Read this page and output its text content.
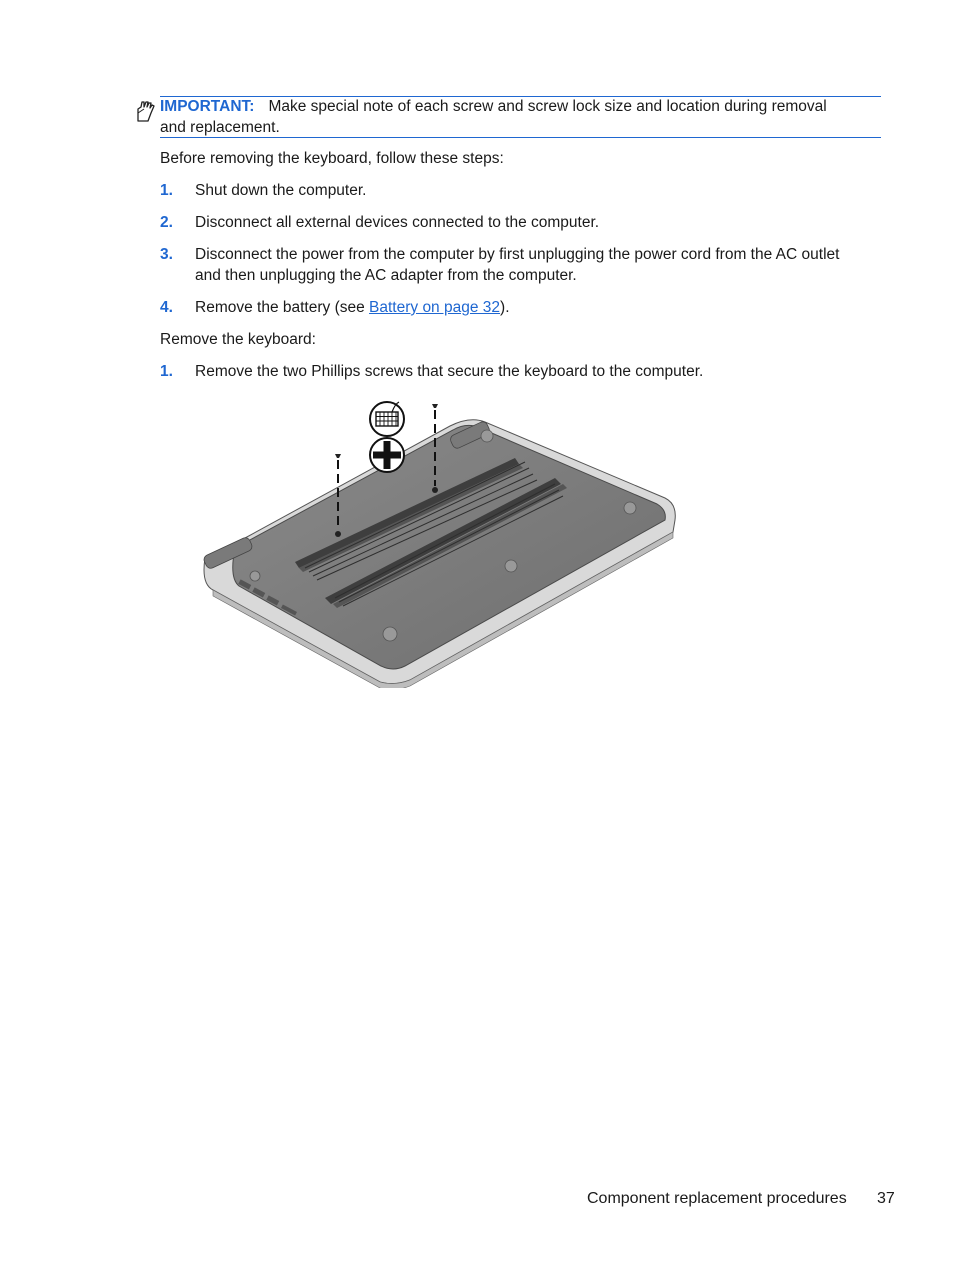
IMPORTANT: Make special note of each screw and screw lock size and location during removal
and replacement.
Before removing the keyboard, follow these steps:
1. Shut down the computer.
2. Disconnect all external devices connected to the computer.
3. Disconnect the power from the computer by first unplugging the power cord from the AC outlet
and then unplugging the AC adapter from the computer.
4. Remove the battery (see Battery on page 32).
Remove the keyboard:
1. Remove the two Phillips screws that secure the keyboard to the computer.
Component replacement procedures 37
